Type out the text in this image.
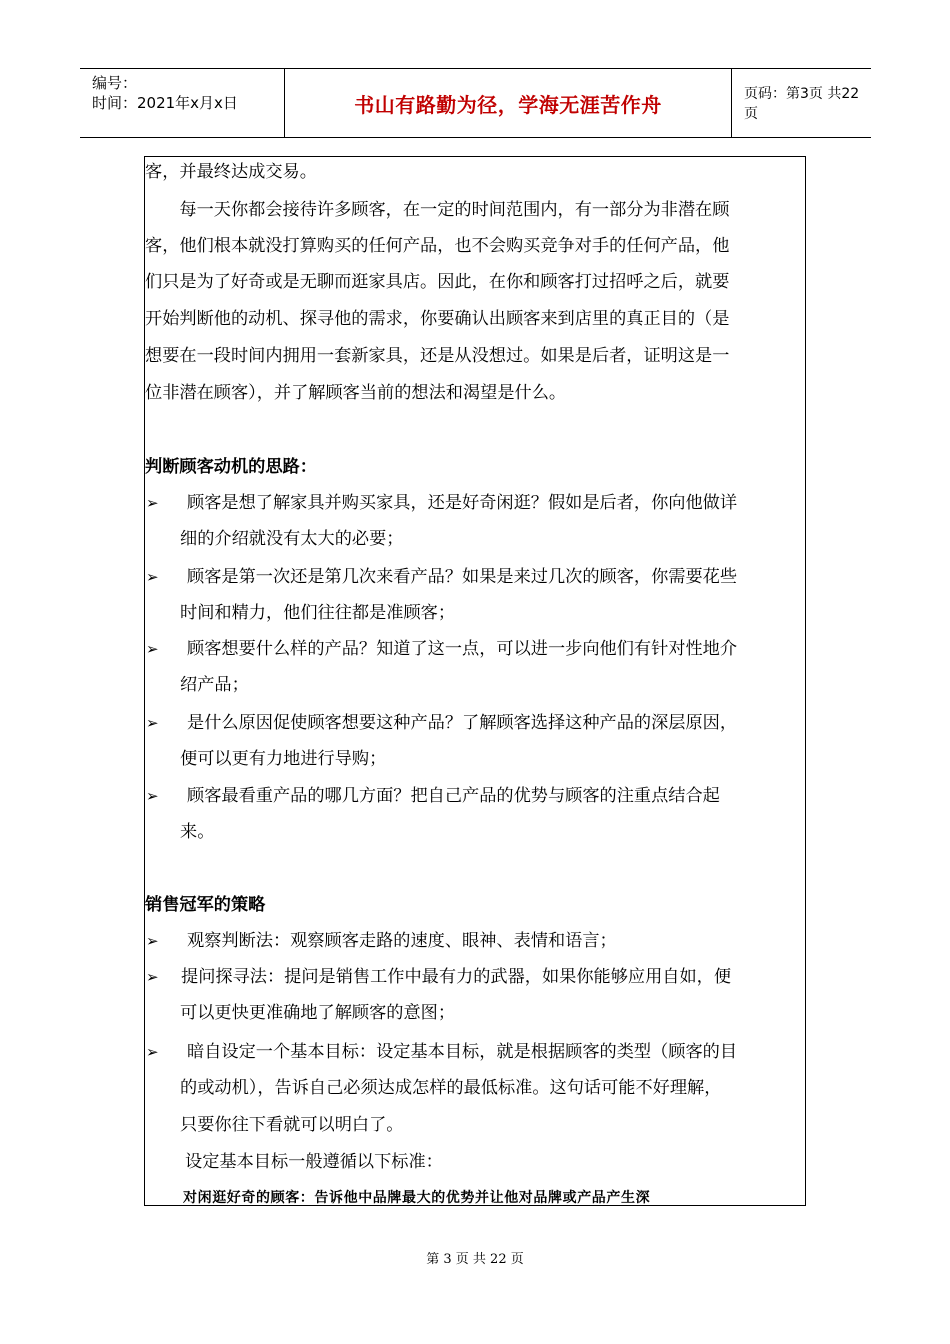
编号：
时间：2021年x月x日	书山有路勤为径，学海无涯苦作舟	页码：第3页 共22页
客，并最终达成交易。
　　每一天你都会接待许多顾客，在一定的时间范围内，有一部分为非潜在顾
客，他们根本就没打算购买的任何产品，也不会购买竞争对手的任何产品，他
们只是为了好奇或是无聊而逛家具店。因此，在你和顾客打过招呼之后，就要
开始判断他的动机、探寻他的需求，你要确认出顾客来到店里的真正目的（是
想要在一段时间内拥用一套新家具，还是从没想过。如果是后者，证明这是一
位非潜在顾客），并了解顾客当前的想法和渴望是什么。
判断顾客动机的思路：
➢ 顾客是想了解家具并购买家具，还是好奇闲逛？假如是后者，你向他做详
细的介绍就没有太大的必要；
➢ 顾客是第一次还是第几次来看产品？如果是来过几次的顾客，你需要花些
时间和精力，他们往往都是准顾客；
➢ 顾客想要什么样的产品？知道了这一点，可以进一步向他们有针对性地介
绍产品；
➢ 是什么原因促使顾客想要这种产品？了解顾客选择这种产品的深层原因，
便可以更有力地进行导购；
➢ 顾客最看重产品的哪几方面？把自己产品的优势与顾客的注重点结合起
来。
销售冠军的策略
➢ 观察判断法：观察顾客走路的速度、眼神、表情和语言；
➢ 提问探寻法：提问是销售工作中最有力的武器，如果你能够应用自如，便
可以更快更准确地了解顾客的意图；
➢ 暗自设定一个基本目标：设定基本目标，就是根据顾客的类型（顾客的目
的或动机），告诉自己必须达成怎样的最低标准。这句话可能不好理解，
只要你往下看就可以明白了。
设定基本目标一般遵循以下标准：
对闲逛好奇的顾客：告诉他中品牌最大的优势并让他对品牌或产品产生深
第 3 页 共 22 页
